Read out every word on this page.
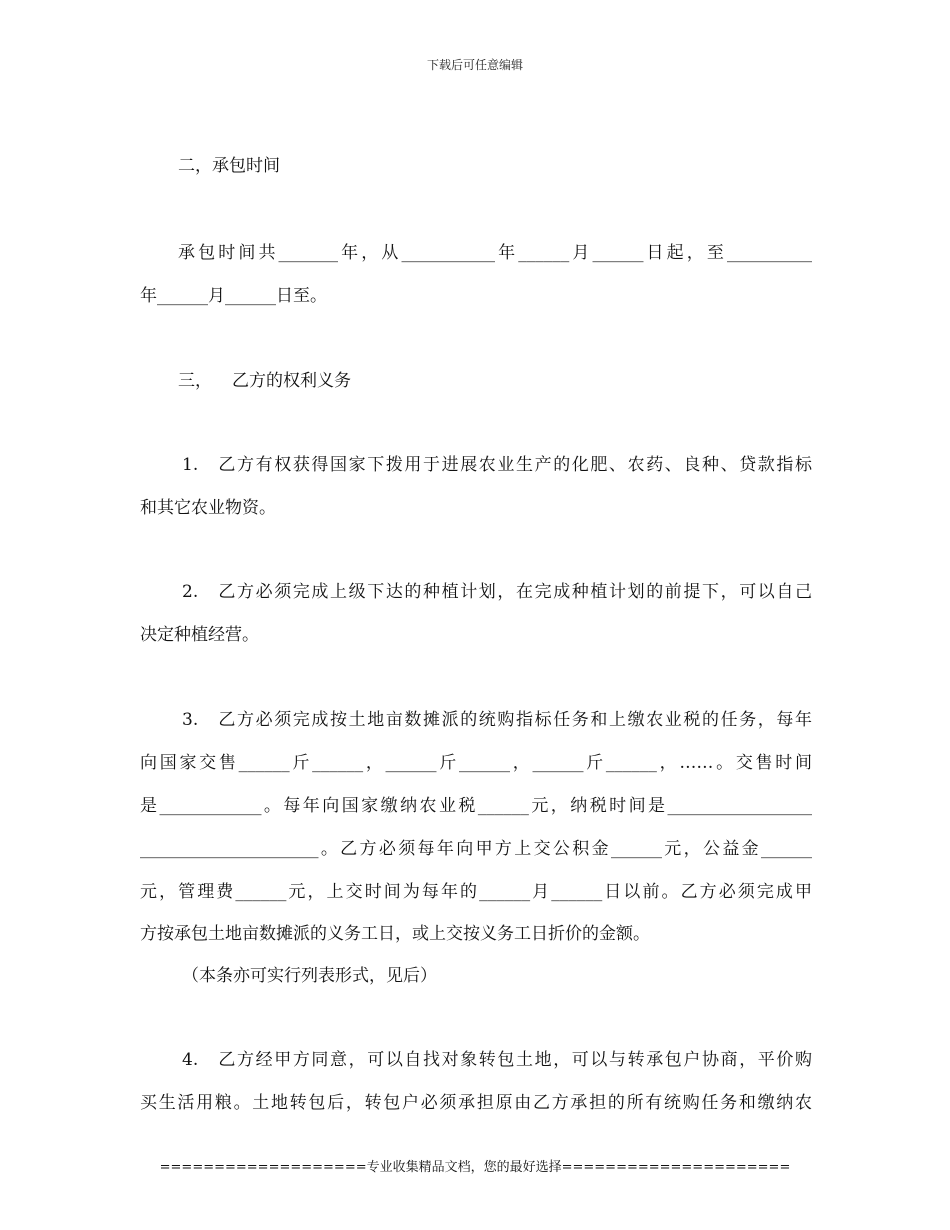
下载后可任意编辑
二，承包时间
承包时间共_______年，从___________年______月______日起，至__________
年______月______日至。
三， 乙方的权利义务
1.　乙方有权获得国家下拨用于进展农业生产的化肥、农药、良种、贷款指标
和其它农业物资。
2.　乙方必须完成上级下达的种植计划，在完成种植计划的前提下，可以自己
决定种植经营。
3.　乙方必须完成按土地亩数摊派的统购指标任务和上缴农业税的任务，每年
向国家交售______斤______，______斤______，______斤______，……。交售时间
是____________。每年向国家缴纳农业税______元，纳税时间是_________________
_____________________。乙方必须每年向甲方上交公积金______元，公益金______
元，管理费______元，上交时间为每年的______月______日以前。乙方必须完成甲
方按承包土地亩数摊派的义务工日，或上交按义务工日折价的金额。
（本条亦可实行列表形式，见后）
4.　乙方经甲方同意，可以自找对象转包土地，可以与转承包户协商，平价购
买生活用粮。土地转包后，转包户必须承担原由乙方承担的所有统购任务和缴纳农
===================专业收集精品文档，您的最好选择=====================
